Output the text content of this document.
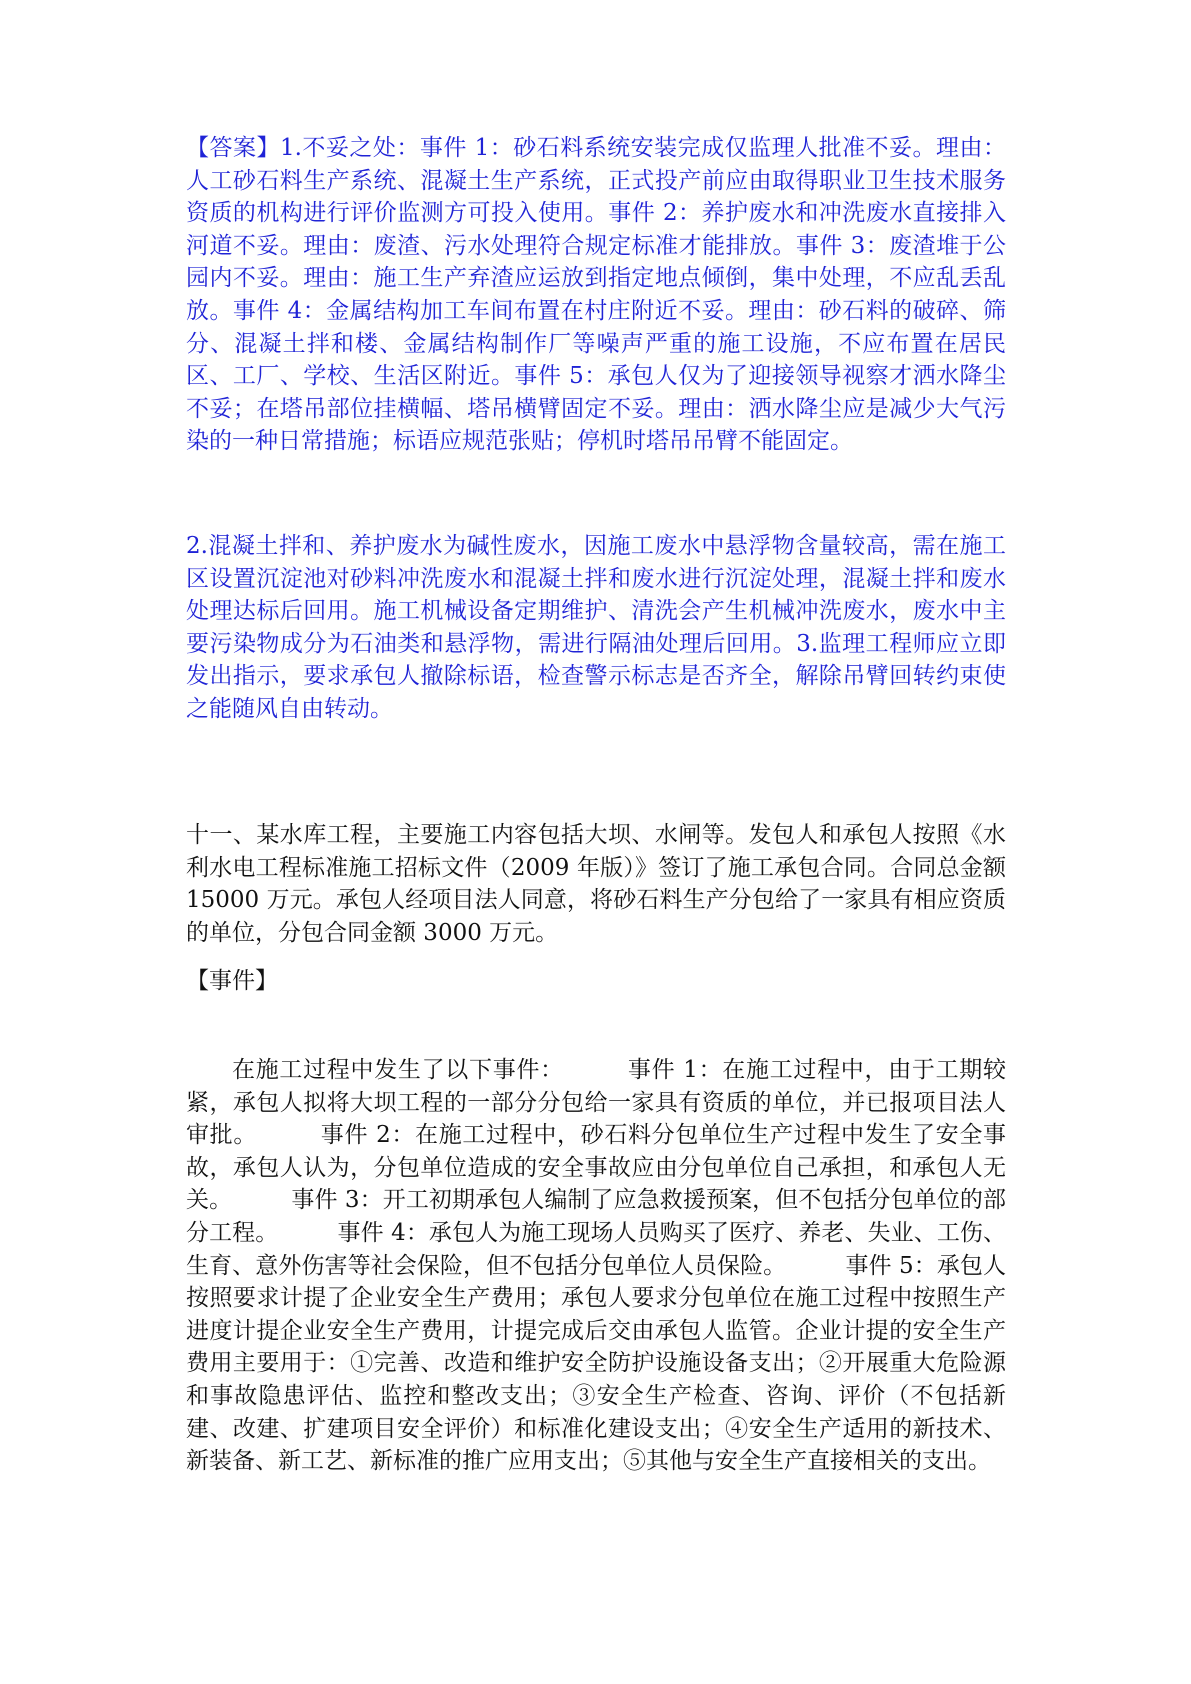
【答案】1.不妥之处：事件 1：砂石料系统安装完成仅监理人批准不妥。理由：人工砂石料生产系统、混凝土生产系统，正式投产前应由取得职业卫生技术服务资质的机构进行评价监测方可投入使用。事件 2：养护废水和冲洗废水直接排入河道不妥。理由：废渣、污水处理符合规定标准才能排放。事件 3：废渣堆于公园内不妥。理由：施工生产弃渣应运放到指定地点倾倒，集中处理，不应乱丢乱放。事件 4：金属结构加工车间布置在村庄附近不妥。理由：砂石料的破碎、筛分、混凝土拌和楼、金属结构制作厂等噪声严重的施工设施，不应布置在居民区、工厂、学校、生活区附近。事件 5：承包人仅为了迎接领导视察才洒水降尘不妥；在塔吊部位挂横幅、塔吊横臂固定不妥。理由：洒水降尘应是减少大气污染的一种日常措施；标语应规范张贴；停机时塔吊吊臂不能固定。

2.混凝土拌和、养护废水为碱性废水，因施工废水中悬浮物含量较高，需在施工区设置沉淀池对砂料冲洗废水和混凝土拌和废水进行沉淀处理，混凝土拌和废水处理达标后回用。施工机械设备定期维护、清洗会产生机械冲洗废水，废水中主要污染物成分为石油类和悬浮物，需进行隔油处理后回用。3.监理工程师应立即发出指示，要求承包人撤除标语，检查警示标志是否齐全，解除吊臂回转约束使之能随风自由转动。

十一、某水库工程，主要施工内容包括大坝、水闸等。发包人和承包人按照《水利水电工程标准施工招标文件（2009 年版）》签订了施工承包合同。合同总金额 15000 万元。承包人经项目法人同意，将砂石料生产分包给了一家具有相应资质的单位，分包合同金额 3000 万元。

【事件】

在施工过程中发生了以下事件：        事件 1：在施工过程中，由于工期较紧，承包人拟将大坝工程的一部分分包给一家具有资质的单位，并已报项目法人审批。        事件 2：在施工过程中，砂石料分包单位生产过程中发生了安全事故，承包人认为，分包单位造成的安全事故应由分包单位自己承担，和承包人无关。        事件 3：开工初期承包人编制了应急救援预案，但不包括分包单位的部分工程。        事件 4：承包人为施工现场人员购买了医疗、养老、失业、工伤、生育、意外伤害等社会保险，但不包括分包单位人员保险。        事件 5：承包人按照要求计提了企业安全生产费用；承包人要求分包单位在施工过程中按照生产进度计提企业安全生产费用，计提完成后交由承包人监管。企业计提的安全生产费用主要用于：①完善、改造和维护安全防护设施设备支出；②开展重大危险源和事故隐患评估、监控和整改支出；③安全生产检查、咨询、评价（不包括新建、改建、扩建项目安全评价）和标准化建设支出；④安全生产适用的新技术、新装备、新工艺、新标准的推广应用支出；⑤其他与安全生产直接相关的支出。
